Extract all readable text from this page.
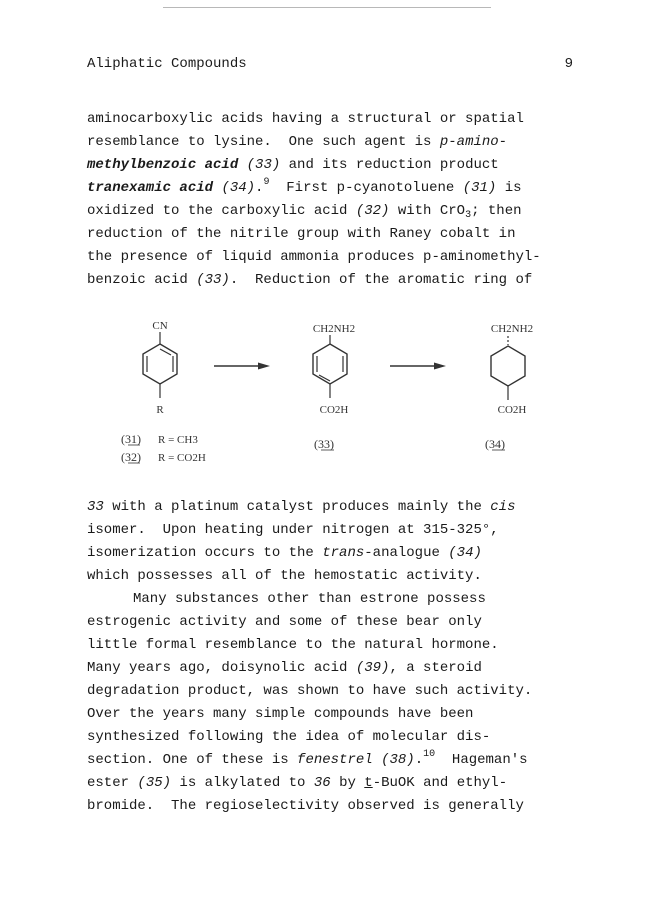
Aliphatic Compounds	9
aminocarboxylic acids having a structural or spatial
resemblance to lysine.  One such agent is p-amino-
methylbenzoic acid (33) and its reduction product
tranexamic acid (34).$^9$  First p-cyanotoluene (31) is
oxidized to the carboxylic acid (32) with CrO$_3$; then
reduction of the nitrile group with Raney cobalt in
the presence of liquid ammonia produces p-aminomethyl-
benzoic acid (33).  Reduction of the aromatic ring of
CN
R
CH2NH2
CO2H
CH2NH2
CO2H
(31) R = CH3
(32) R = CO2H
(33)	(34)
33 with a platinum catalyst produces mainly the cis
isomer.  Upon heating under nitrogen at 315-325°,
isomerization occurs to the trans-analogue (34)
which possesses all of the hemostatic activity.
Many substances other than estrone possess
estrogenic activity and some of these bear only
little formal resemblance to the natural hormone.
Many years ago, doisynolic acid (39), a steroid
degradation product, was shown to have such activity.
Over the years many simple compounds have been
synthesized following the idea of molecular dis-
section. One of these is fenestrel (38).$^{10}$  Hageman's
ester (35) is alkylated to 36 by t-BuOK and ethyl-
bromide.  The regioselectivity observed is generally
